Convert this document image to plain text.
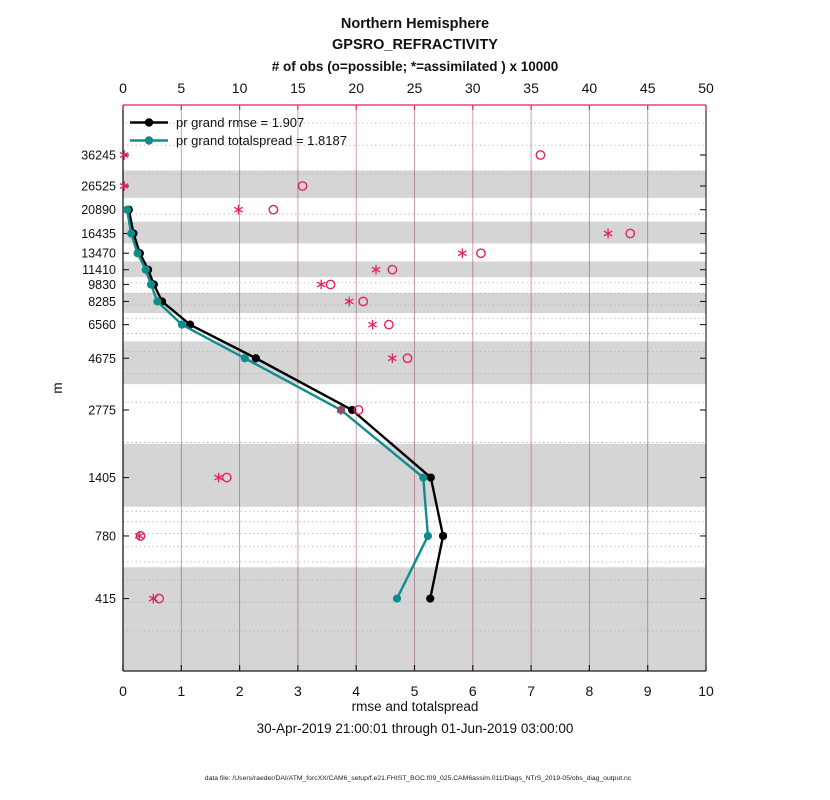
0	5	10	15	20	25	30	35	40	45	50
0	1	2	3	4	5	6	7	8	9	10
36245
26525
20890
16435
13470
11410
9830
8285
6560
4675
2775
1405
780
415
Northern Hemisphere
GPSRO_REFRACTIVITY
# of obs (o=possible; *=assimilated ) x 10000
rmse and totalspread
30-Apr-2019 21:00:01 through 01-Jun-2019 03:00:00
m
data file: /Users/raeder/DAI/ATM_forcXX/CAM6_setup/f.e21.FHIST_BGC.f09_025.CAM6assim.011/Diags_NTrS_2019-05/obs_diag_output.nc
pr grand rmse = 1.907
pr grand totalspread = 1.8187
